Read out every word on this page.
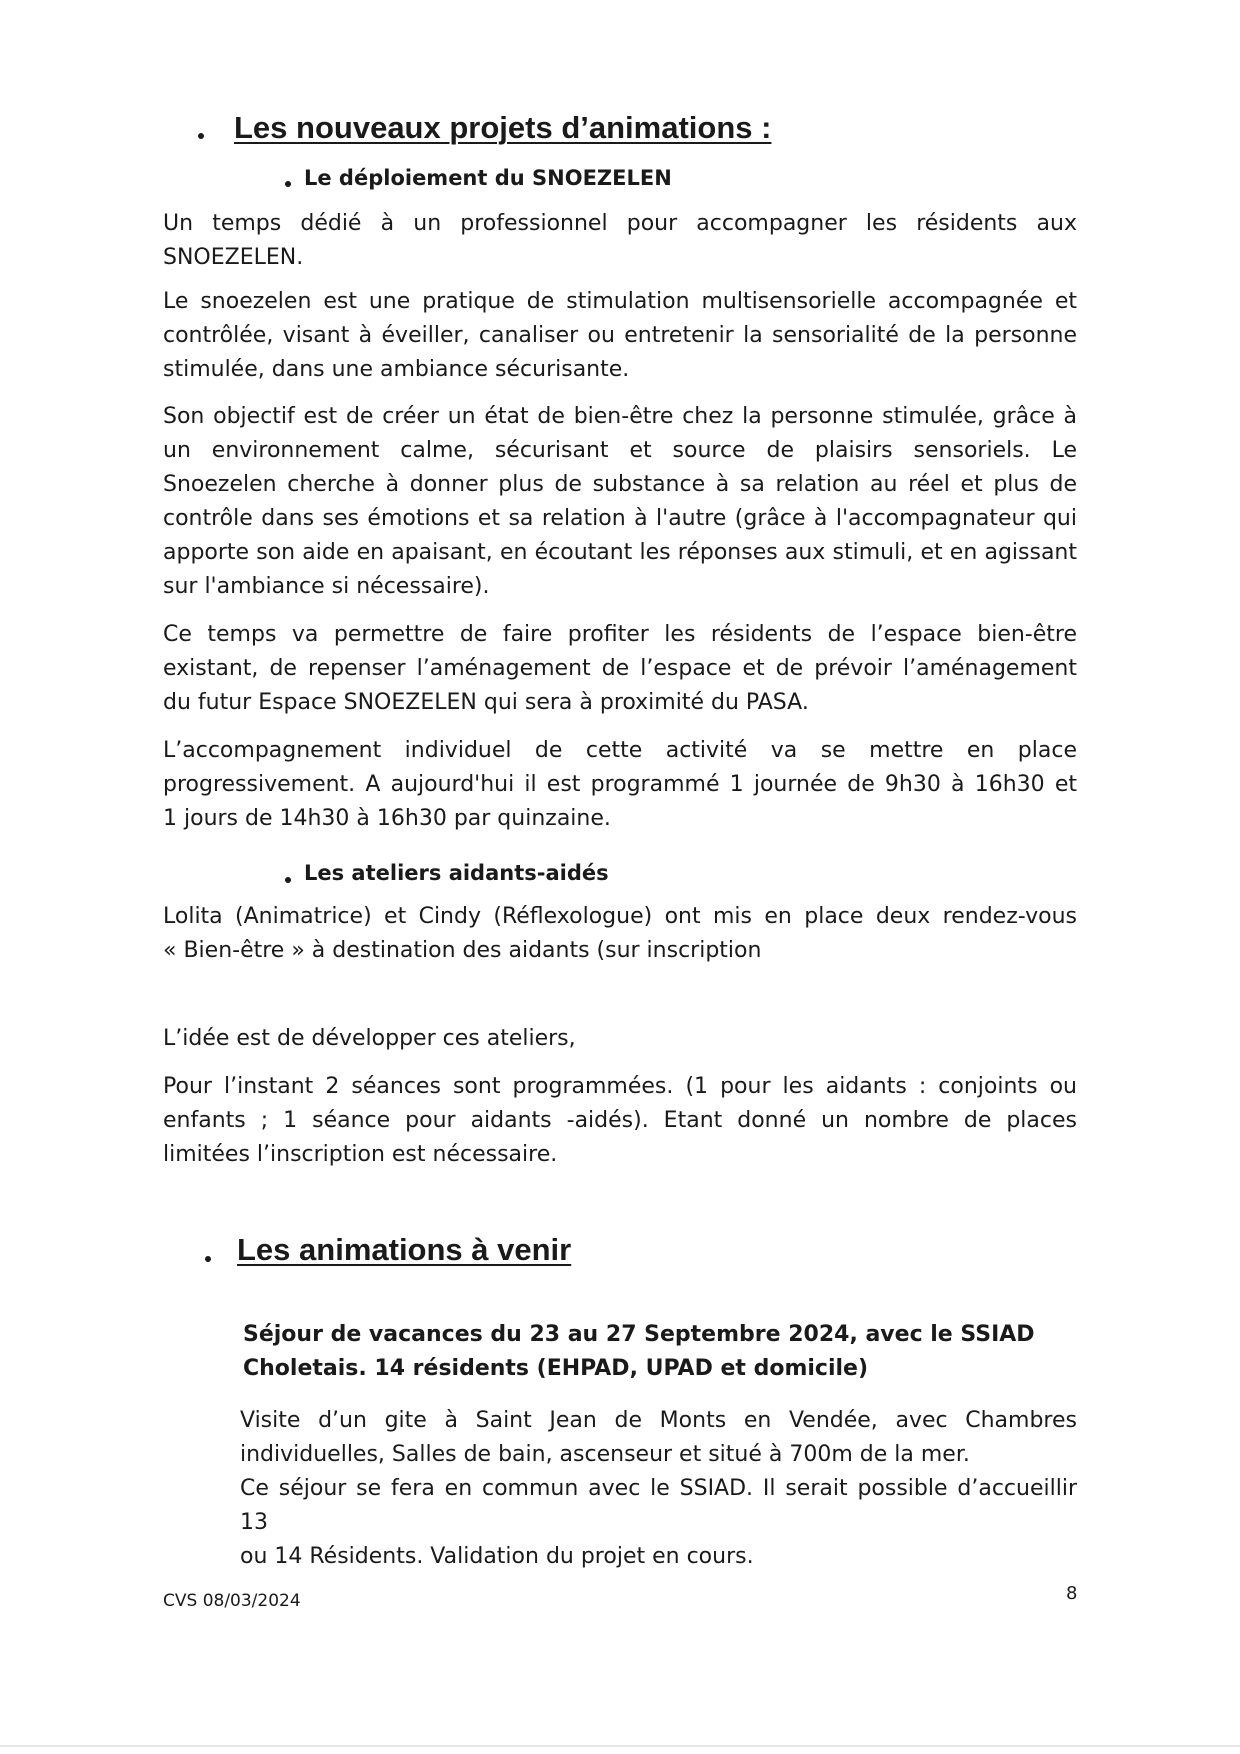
Les nouveaux projets d’animations :
Le déploiement du SNOEZELEN
Un temps dédié à un professionnel pour accompagner les résidents aux
SNOEZELEN.
Le snoezelen est une pratique de stimulation multisensorielle accompagnée et
contrôlée, visant à éveiller, canaliser ou entretenir la sensorialité de la personne
stimulée, dans une ambiance sécurisante.
Son objectif est de créer un état de bien-être chez la personne stimulée, grâce à
un environnement calme, sécurisant et source de plaisirs sensoriels. Le
Snoezelen cherche à donner plus de substance à sa relation au réel et plus de
contrôle dans ses émotions et sa relation à l'autre (grâce à l'accompagnateur qui
apporte son aide en apaisant, en écoutant les réponses aux stimuli, et en agissant
sur l'ambiance si nécessaire).
Ce temps va permettre de faire profiter les résidents de l’espace bien-être
existant, de repenser l’aménagement de l’espace et de prévoir l’aménagement
du futur Espace SNOEZELEN qui sera à proximité du PASA.
L’accompagnement individuel de cette activité va se mettre en place
progressivement. A aujourd'hui il est programmé 1 journée de 9h30 à 16h30 et
1 jours de 14h30 à 16h30 par quinzaine.
Les ateliers aidants-aidés
Lolita (Animatrice) et Cindy (Réflexologue) ont mis en place deux rendez-vous
« Bien-être » à destination des aidants (sur inscription
L’idée est de développer ces ateliers,
Pour l’instant 2 séances sont programmées. (1 pour les aidants : conjoints ou
enfants ; 1 séance pour aidants -aidés). Etant donné un nombre de places
limitées l’inscription est nécessaire.
Les animations à venir
Séjour de vacances du 23 au 27 Septembre 2024, avec le SSIAD
Choletais. 14 résidents (EHPAD, UPAD et domicile)
Visite d’un gite à Saint Jean de Monts en Vendée, avec Chambres
individuelles, Salles de bain, ascenseur et situé à 700m de la mer.
Ce séjour se fera en commun avec le SSIAD. Il serait possible d’accueillir 13
ou 14 Résidents. Validation du projet en cours.
CVS 08/03/2024	8
